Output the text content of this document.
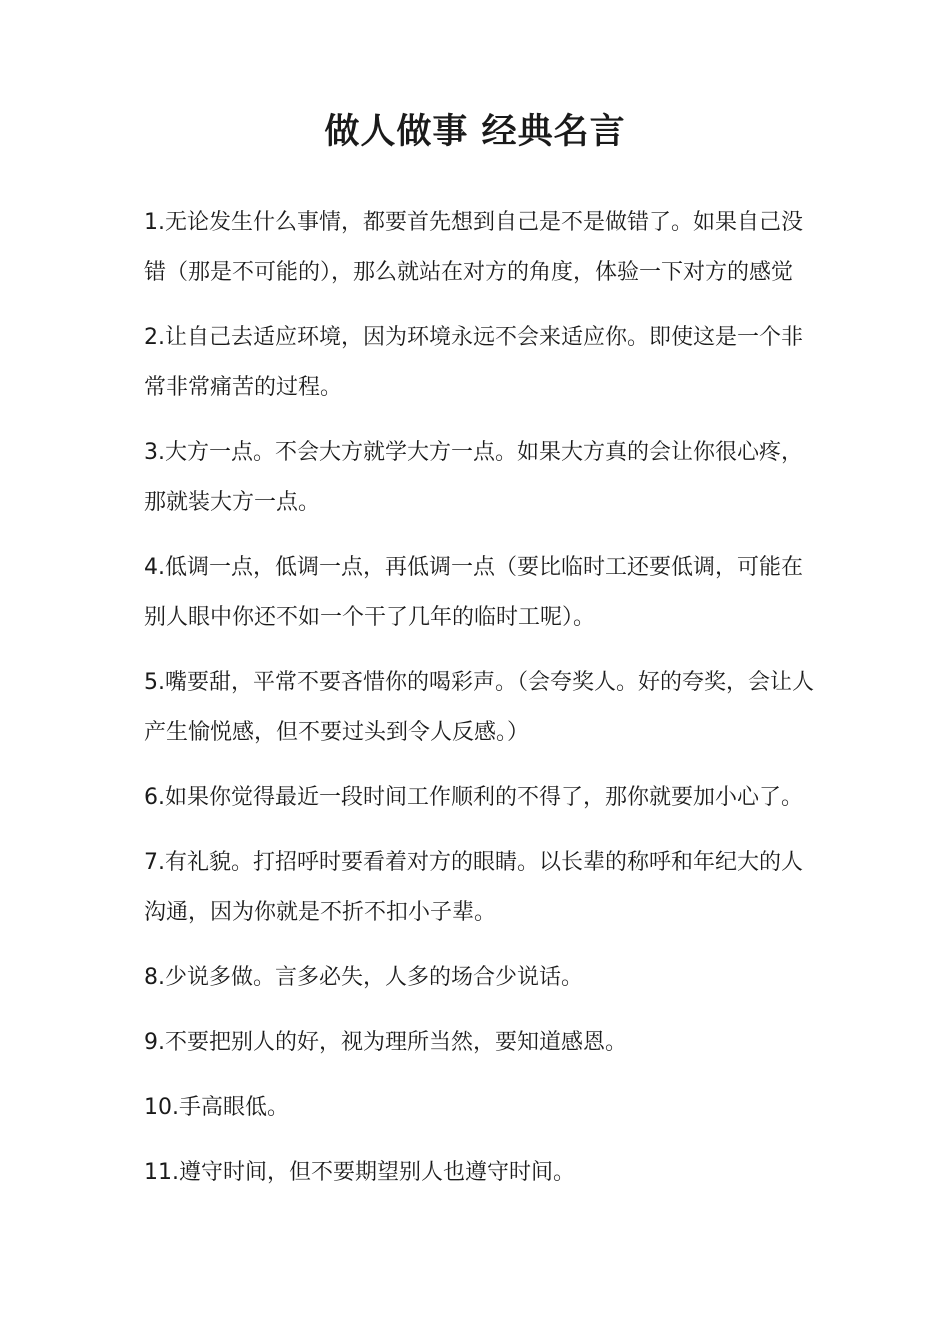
做人做事 经典名言

1.无论发生什么事情，都要首先想到自己是不是做错了。如果自己没错（那是不可能的），那么就站在对方的角度，体验一下对方的感觉

2.让自己去适应环境，因为环境永远不会来适应你。即使这是一个非常非常痛苦的过程。

3.大方一点。不会大方就学大方一点。如果大方真的会让你很心疼，那就装大方一点。

4.低调一点，低调一点，再低调一点（要比临时工还要低调，可能在别人眼中你还不如一个干了几年的临时工呢）。

5.嘴要甜，平常不要吝惜你的喝彩声。（会夸奖人。好的夸奖，会让人产生愉悦感，但不要过头到令人反感。）

6.如果你觉得最近一段时间工作顺利的不得了，那你就要加小心了。

7.有礼貌。打招呼时要看着对方的眼睛。以长辈的称呼和年纪大的人沟通，因为你就是不折不扣小子辈。

8.少说多做。言多必失，人多的场合少说话。

9.不要把别人的好，视为理所当然，要知道感恩。

10.手高眼低。

11.遵守时间，但不要期望别人也遵守时间。
